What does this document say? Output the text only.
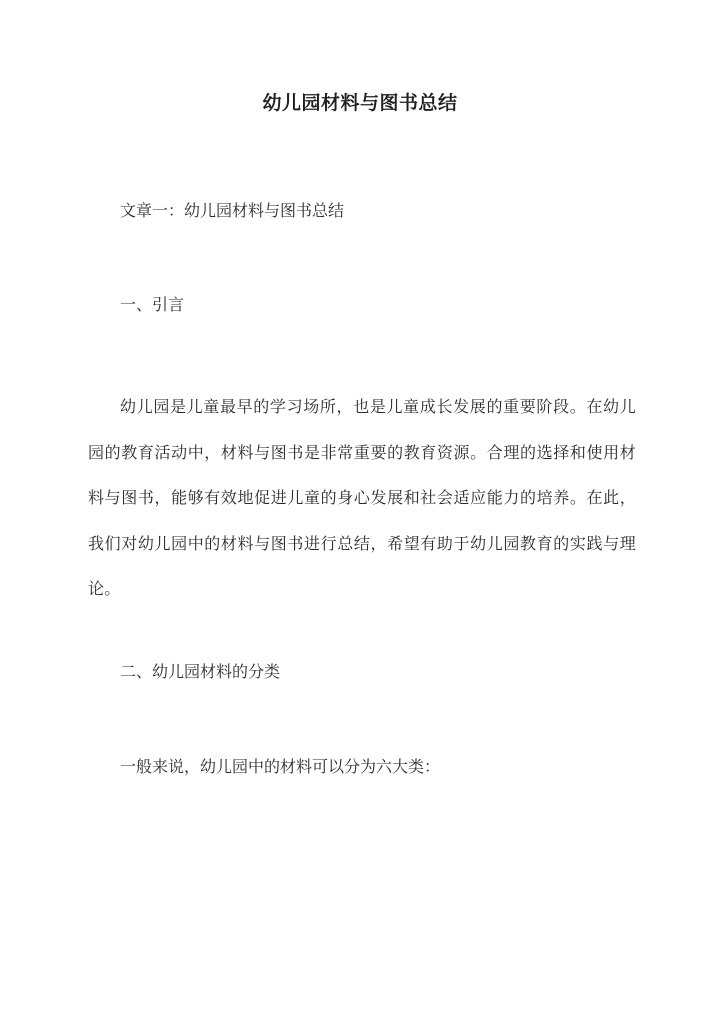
幼儿园材料与图书总结
文章一：幼儿园材料与图书总结
一、引言

幼儿园是儿童最早的学习场所，也是儿童成长发展的重要阶段。在幼儿园的教育活动中，材料与图书是非常重要的教育资源。合理的选择和使用材料与图书，能够有效地促进儿童的身心发展和社会适应能力的培养。在此，我们对幼儿园中的材料与图书进行总结，希望有助于幼儿园教育的实践与理论。

二、幼儿园材料的分类
一般来说，幼儿园中的材料可以分为六大类：
